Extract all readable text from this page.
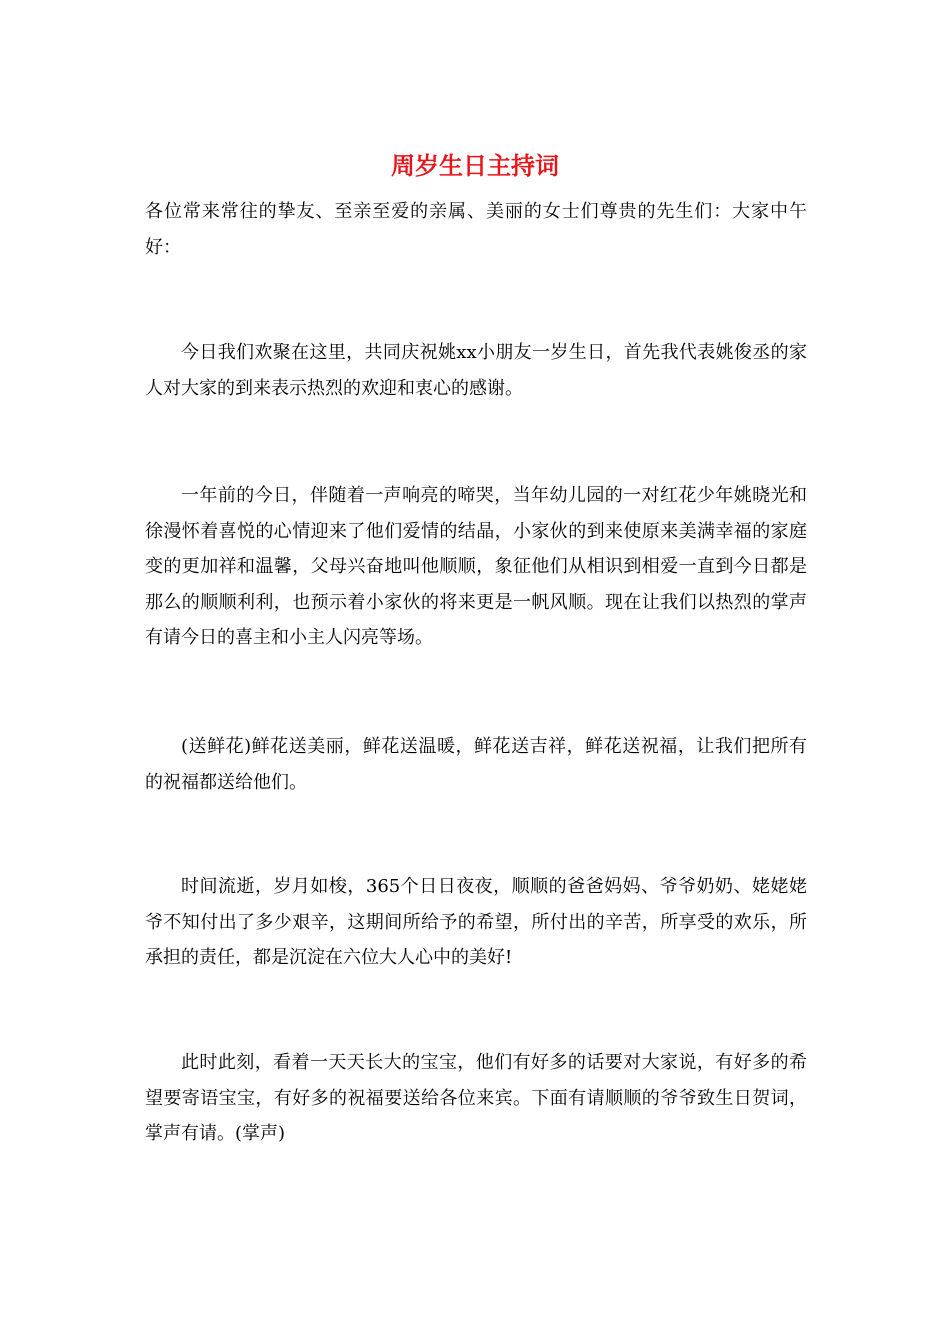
周岁生日主持词

各位常来常往的挚友、至亲至爱的亲属、美丽的女士们尊贵的先生们：大家中午好：

今日我们欢聚在这里，共同庆祝姚xx小朋友一岁生日，首先我代表姚俊丞的家人对大家的到来表示热烈的欢迎和衷心的感谢。

一年前的今日，伴随着一声响亮的啼哭，当年幼儿园的一对红花少年姚晓光和徐漫怀着喜悦的心情迎来了他们爱情的结晶，小家伙的到来使原来美满幸福的家庭变的更加祥和温馨，父母兴奋地叫他顺顺，象征他们从相识到相爱一直到今日都是那么的顺顺利利，也预示着小家伙的将来更是一帆风顺。现在让我们以热烈的掌声有请今日的喜主和小主人闪亮等场。

(送鲜花)鲜花送美丽，鲜花送温暖，鲜花送吉祥，鲜花送祝福，让我们把所有的祝福都送给他们。

时间流逝，岁月如梭，365个日日夜夜，顺顺的爸爸妈妈、爷爷奶奶、姥姥姥爷不知付出了多少艰辛，这期间所给予的希望，所付出的辛苦，所享受的欢乐，所承担的责任，都是沉淀在六位大人心中的美好!

此时此刻，看着一天天长大的宝宝，他们有好多的话要对大家说，有好多的希望要寄语宝宝，有好多的祝福要送给各位来宾。下面有请顺顺的爷爷致生日贺词，掌声有请。(掌声)
